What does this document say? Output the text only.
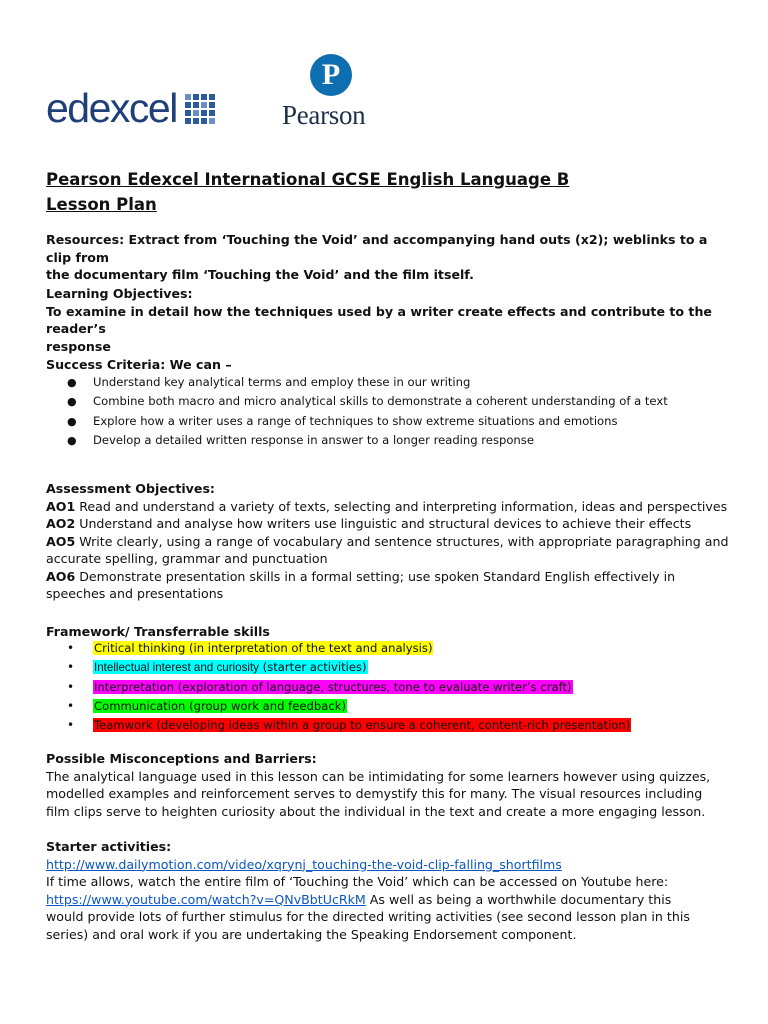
edexcel
P
Pearson
Pearson Edexcel International GCSE English Language B
Lesson Plan

Resources: Extract from ‘Touching the Void’ and accompanying hand outs (x2); weblinks to a clip from

the documentary film ‘Touching the Void’ and the film itself.

Learning Objectives:

To examine in detail how the techniques used by a writer create effects and contribute to the reader’s

response

Success Criteria: We can –
● Understand key analytical terms and employ these in our writing
● Combine both macro and micro analytical skills to demonstrate a coherent understanding of a text
● Explore how a writer uses a range of techniques to show extreme situations and emotions
● Develop a detailed written response in answer to a longer reading response

Assessment Objectives:

AO1 Read and understand a variety of texts, selecting and interpreting information, ideas and perspectives

AO2 Understand and analyse how writers use linguistic and structural devices to achieve their effects

AO5 Write clearly, using a range of vocabulary and sentence structures, with appropriate paragraphing and

accurate spelling, grammar and punctuation

AO6 Demonstrate presentation skills in a formal setting; use spoken Standard English effectively in

speeches and presentations

Framework/ Transferrable skills
• Critical thinking (in interpretation of the text and analysis)
• Intellectual interest and curiosity (starter activities)
• Interpretation (exploration of language, structures, tone to evaluate writer’s craft)
• Communication (group work and feedback)
• Teamwork (developing ideas within a group to ensure a coherent, content-rich presentation)

Possible Misconceptions and Barriers:

The analytical language used in this lesson can be intimidating for some learners however using quizzes,

modelled examples and reinforcement serves to demystify this for many. The visual resources including

film clips serve to heighten curiosity about the individual in the text and create a more engaging lesson.

Starter activities:

http://www.dailymotion.com/video/xqrynj_touching-the-void-clip-falling_shortfilms

If time allows, watch the entire film of ‘Touching the Void’ which can be accessed on Youtube here:

https://www.youtube.com/watch?v=QNvBbtUcRkM As well as being a worthwhile documentary this

would provide lots of further stimulus for the directed writing activities (see second lesson plan in this

series) and oral work if you are undertaking the Speaking Endorsement component.
